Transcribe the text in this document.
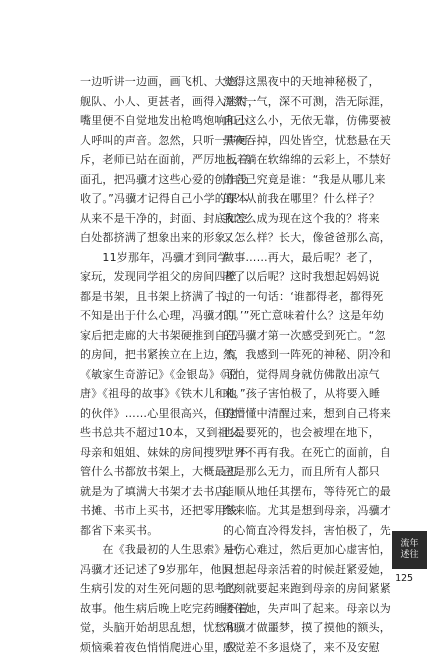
一边听讲一边画，画飞机、大炮、
舰队、小人、更甚者，画得入迷时，
嘴里便不自觉地发出枪鸣炮响和小
人呼叫的声音。忽然，只听一声呵
斥，老师已站在面前，严厉地板着
面孔，把冯骥才这些心爱的创作没
收了。”冯骥才记得自己小学的课本
从来不是干净的，封面、封底和空
白处都挤满了想象出来的形象。
　　11岁那年，冯骥才到同学
家玩，发现同学祖父的房间四壁
都是书架，且书架上挤满了书，
不知是出于什么心理，冯骥才回
家后把走廊的大书架硬推到自己
的房间，把书紧挨立在上边，有
《敏家生奇游记》《金银岛》《说
唐》《祖母的故事》《铁木儿和他
的伙伴》……心里很高兴，但这
些书总共不超过10本，又到祖父、
母亲和姐姐、妹妹的房间搜罗，不
管什么书都放书架上，大概最初
就是为了填满大书架才去书店、
书摊、书市上买书，还把零用钱
都省下来买书。
　　在《我最初的人生思索》中，
冯骥才还记述了9岁那年，他因
生病引发的对生死问题的思考的
故事。他生病后晚上吃完药睡不着
觉，头脑开始胡思乱想，忧愁和
烦恼乘着夜色悄悄爬进心里，只
觉得这黑夜中的天地神秘极了，
浑然一气，深不可测，浩无际涯，
自己这么小，无依无靠，仿佛要被
黑夜吞掉，四处皆空，忧愁悬在天
上，躺在软绵绵的云彩上，不禁好
奇自己究竟是谁：“我是从哪儿来
的？从前我在哪里？什么样子？
我怎么成为现在这个我的？将来
又怎么样？长大，像爸爸那么高，
做事……再大，最后呢？老了，
老了以后呢？这时我想起妈妈说
过的一句话：‘谁都得老，都得死
的。’”死亡意味着什么？这是年幼
的冯骥才第一次感受到死亡。“忽
然，我感到一阵死的神秘、阴冷和
可怕，觉得周身就仿佛散出凉气
来。”孩子害怕极了，从将要入睡
的懵懂中清醒过来，想到自己将来
也是要死的，也会被埋在地下，
世界不再有我。在死亡的面前，自
己是那么无力，而且所有人都只
能顺从地任其摆布，等待死亡的最
终来临。尤其是想到母亲，冯骥才
的心简直冷得发抖，害怕极了，先
是伤心难过，然后更加心虚害怕，
只想起母亲活着的时候赶紧爱她，
此刻就要起来跑到母亲的房间紧紧
搂住她，失声叫了起来。母亲以为
冯骥才做噩梦，摸了摸他的额头，
感觉差不多退烧了，来不及安慰
流年
述往
125
